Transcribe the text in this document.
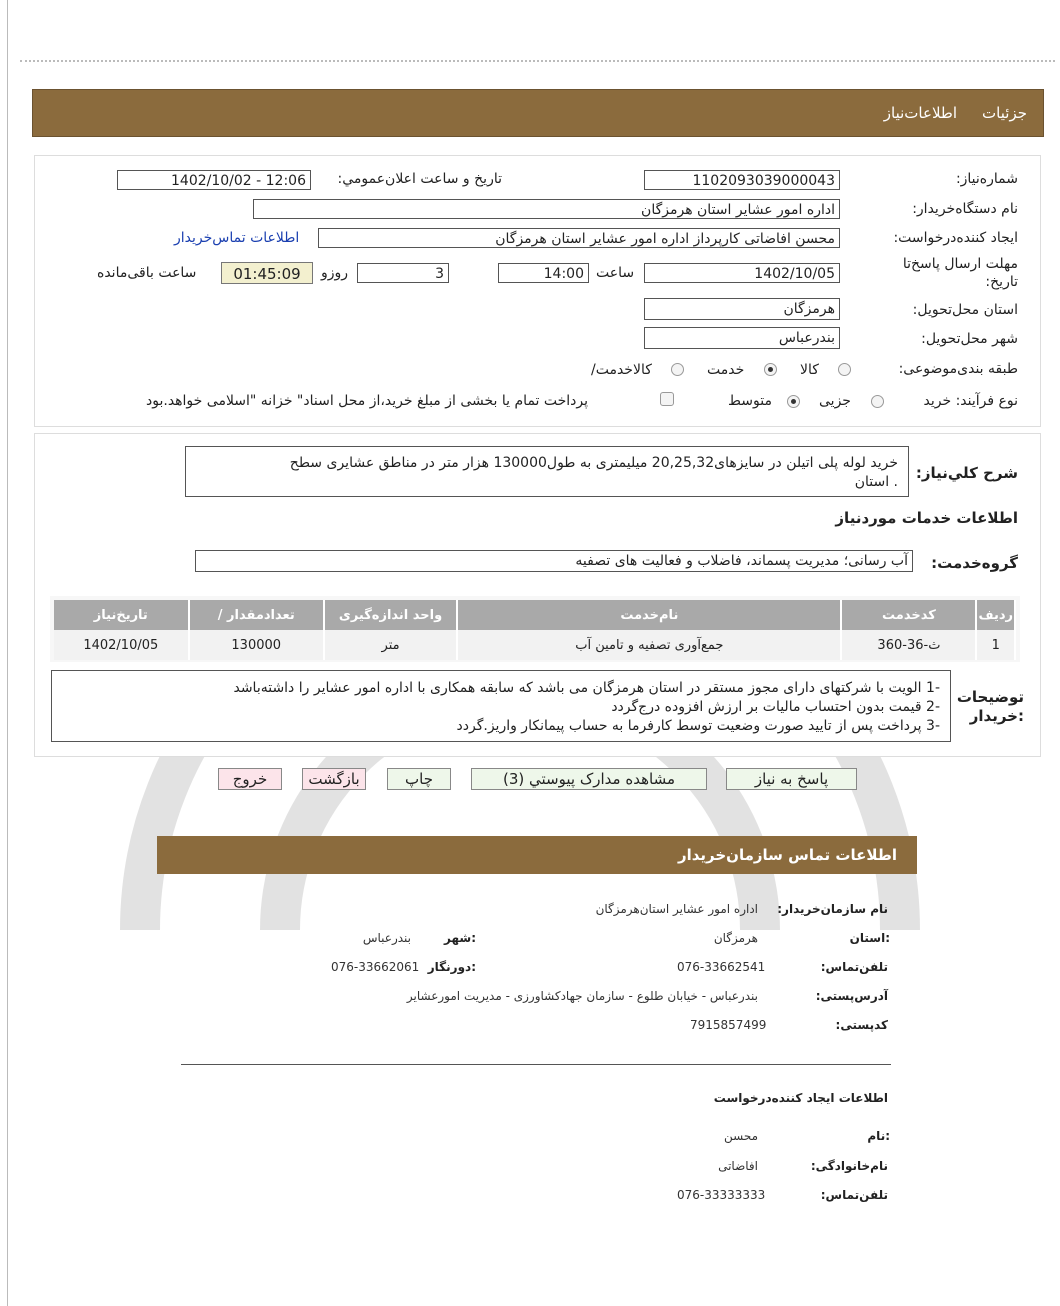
اطلاعات‌نیاز جزئیات
شماره‌نیاز:
1102093039000043
تاریخ و ساعت اعلان‌عمومي:
1402/10/02 - 12:06
نام دستگاه‌خریدار:
اداره امور عشایر استان هرمزگان
ایجاد کننده‌درخواست:
محسن افاضاتی کارپرداز اداره امور عشایر استان هرمزگان
اطلاعات تماس‌خریدار
مهلت ارسال پاسخ‌تا
تاریخ:
1402/10/05
ساعت
14:00
3
روزو
01:45:09
ساعت باقی‌مانده
استان محل‌تحویل:
هرمزگان
شهر محل‌تحویل:
بندرعباس
طبقه بندی‌موضوعی:
کالا
خدمت
کالاخدمت/
نوع فرآیند: خرید
جزیی
متوسط
پرداخت تمام یا بخشی از مبلغ خرید،از محل اسناد" خزانه "اسلامی خواهد.بود
شرح کلي‌نیاز:
خرید لوله پلی اتیلن در سایزهای20,25,32 میلیمتری به طول130000 هزار متر در مناطق عشایری سطح
. استان
اطلاعات خدمات موردنیاز
گروه‌خدمت:
آب رسانی؛ مدیریت پسماند، فاضلاب و فعالیت های تصفیه
ردیف	کدخدمت	نام‌خدمت	واحد اندازه‌گیری	تعداد‌مقدار /	تاریخ‌نیاز
1	ث-36-360	جمع‌آوری تصفیه و تامین آب	متر	130000	1402/10/05
توضیحات
:خریدار
-1 الویت با شرکتهای دارای مجوز مستقر در استان هرمزگان می باشد که سابقه همکاری با اداره امور عشایر را داشته‌باشد
-2 قیمت بدون احتساب مالیات بر ارزش افزوده درج‌گردد
-3 پرداخت پس از تایید صورت وضعیت توسط کارفرما به حساب پیمانکار واریز.گردد
پاسخ به نیاز
مشاهده مدارک پیوستي (3)
چاپ
بازگشت
خروج
اطلاعات تماس سازمان‌خریدار
نام سازمان‌خریدار:
اداره امور عشایر استان‌هرمزگان
:استان
هرمزگان
:شهر
بندرعباس
تلفن‌تماس:
076-33662541
:دورنگار
076-33662061
آدرس‌پستی:
بندرعباس - خیابان طلوع - سازمان جهادکشاورزی - مدیریت امورعشایر
کدپستی:
7915857499
اطلاعات ایجاد کننده‌درخواست
:نام
محسن
نام‌خانوادگی:
افاضاتی
تلفن‌تماس:
076-33333333
